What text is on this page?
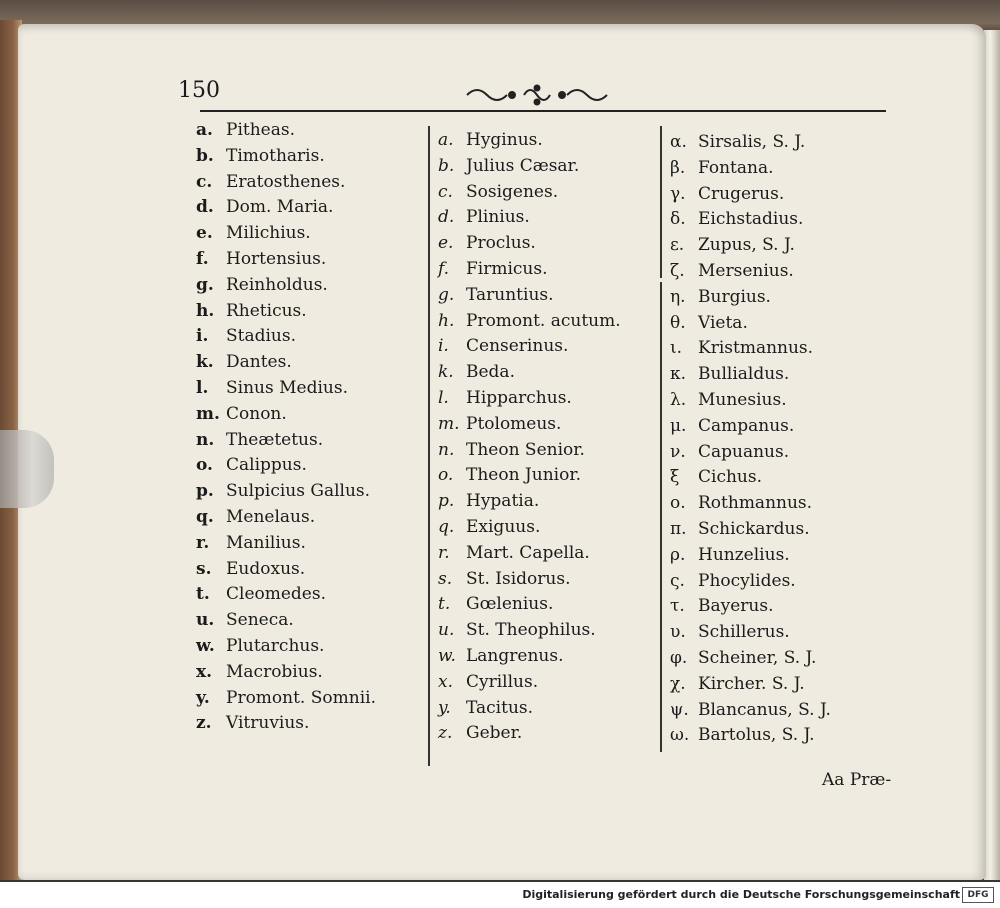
150
a. Pitheas.
b. Timotharis.
c. Eratosthenes.
d. Dom. Maria.
e. Milichius.
f. Hortensius.
g. Reinholdus.
h. Rheticus.
i. Stadius.
k. Dantes.
l. Sinus Medius.
m. Conon.
n. Theætetus.
o. Calippus.
p. Sulpicius Gallus.
q. Menelaus.
r. Manilius.
s. Eudoxus.
t. Cleomedes.
u. Seneca.
w. Plutarchus.
x. Macrobius.
y. Promont. Somnii.
z. Vitruvius.
a. Hyginus.
b. Julius Cæsar.
c. Sosigenes.
d. Plinius.
e. Proclus.
f. Firmicus.
g. Taruntius.
h. Promont. acutum.
i. Censerinus.
k. Beda.
l. Hipparchus.
m. Ptolomeus.
n. Theon Senior.
o. Theon Junior.
p. Hypatia.
q. Exiguus.
r. Mart. Capella.
s. St. Isidorus.
t. Gœlenius.
u. St. Theophilus.
w. Langrenus.
x. Cyrillus.
y. Tacitus.
z. Geber.
α. Sirsalis, S. J.
β. Fontana.
γ. Crugerus.
δ. Eichstadius.
ε. Zupus, S. J.
ζ. Mersenius.
η. Burgius.
θ. Vieta.
ι. Kristmannus.
κ. Bullialdus.
λ. Munesius.
μ. Campanus.
ν. Capuanus.
ξ Cichus.
ο. Rothmannus.
π. Schickardus.
ρ. Hunzelius.
ς. Phocylides.
τ. Bayerus.
υ. Schillerus.
φ. Scheiner, S. J.
χ. Kircher. S. J.
ψ. Blancanus, S. J.
ω. Bartolus, S. J.
Aa Præ-
Digitalisierung gefördert durch die Deutsche Forschungsgemeinschaft DFG
